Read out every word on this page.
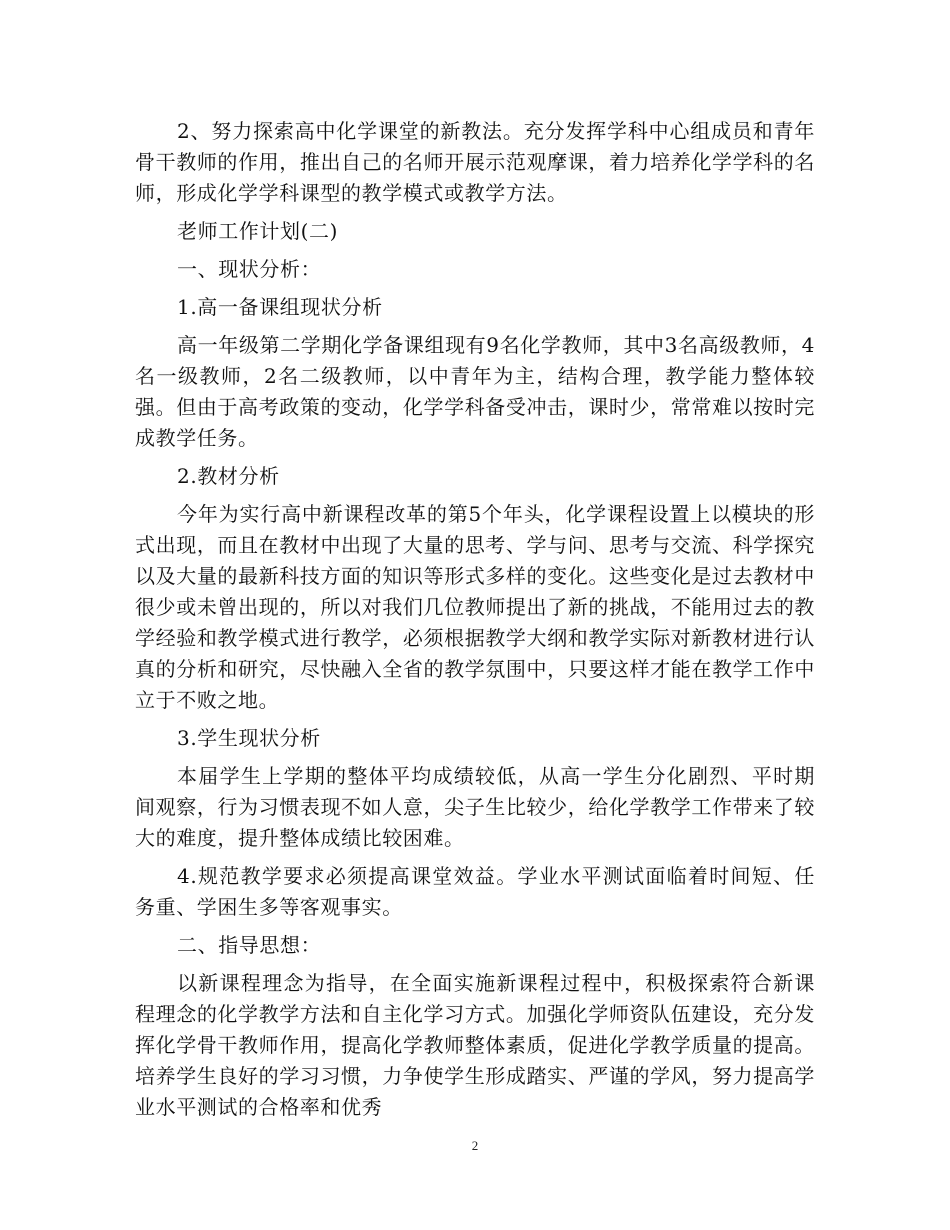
2、努力探索高中化学课堂的新教法。充分发挥学科中心组成员和青年骨干教师的作用，推出自己的名师开展示范观摩课，着力培养化学学科的名师，形成化学学科课型的教学模式或教学方法。

老师工作计划(二)

一、现状分析：

1.高一备课组现状分析

高一年级第二学期化学备课组现有9名化学教师，其中3名高级教师，4名一级教师，2名二级教师，以中青年为主，结构合理，教学能力整体较强。但由于高考政策的变动，化学学科备受冲击，课时少，常常难以按时完成教学任务。

2.教材分析

今年为实行高中新课程改革的第5个年头，化学课程设置上以模块的形式出现，而且在教材中出现了大量的思考、学与问、思考与交流、科学探究以及大量的最新科技方面的知识等形式多样的变化。这些变化是过去教材中很少或未曾出现的，所以对我们几位教师提出了新的挑战，不能用过去的教学经验和教学模式进行教学，必须根据教学大纲和教学实际对新教材进行认真的分析和研究，尽快融入全省的教学氛围中，只要这样才能在教学工作中立于不败之地。

3.学生现状分析

本届学生上学期的整体平均成绩较低，从高一学生分化剧烈、平时期间观察，行为习惯表现不如人意，尖子生比较少，给化学教学工作带来了较大的难度，提升整体成绩比较困难。

4.规范教学要求必须提高课堂效益。学业水平测试面临着时间短、任务重、学困生多等客观事实。

二、指导思想：

以新课程理念为指导，在全面实施新课程过程中，积极探索符合新课程理念的化学教学方法和自主化学习方式。加强化学师资队伍建设，充分发挥化学骨干教师作用，提高化学教师整体素质，促进化学教学质量的提高。培养学生良好的学习习惯，力争使学生形成踏实、严谨的学风，努力提高学业水平测试的合格率和优秀

2
